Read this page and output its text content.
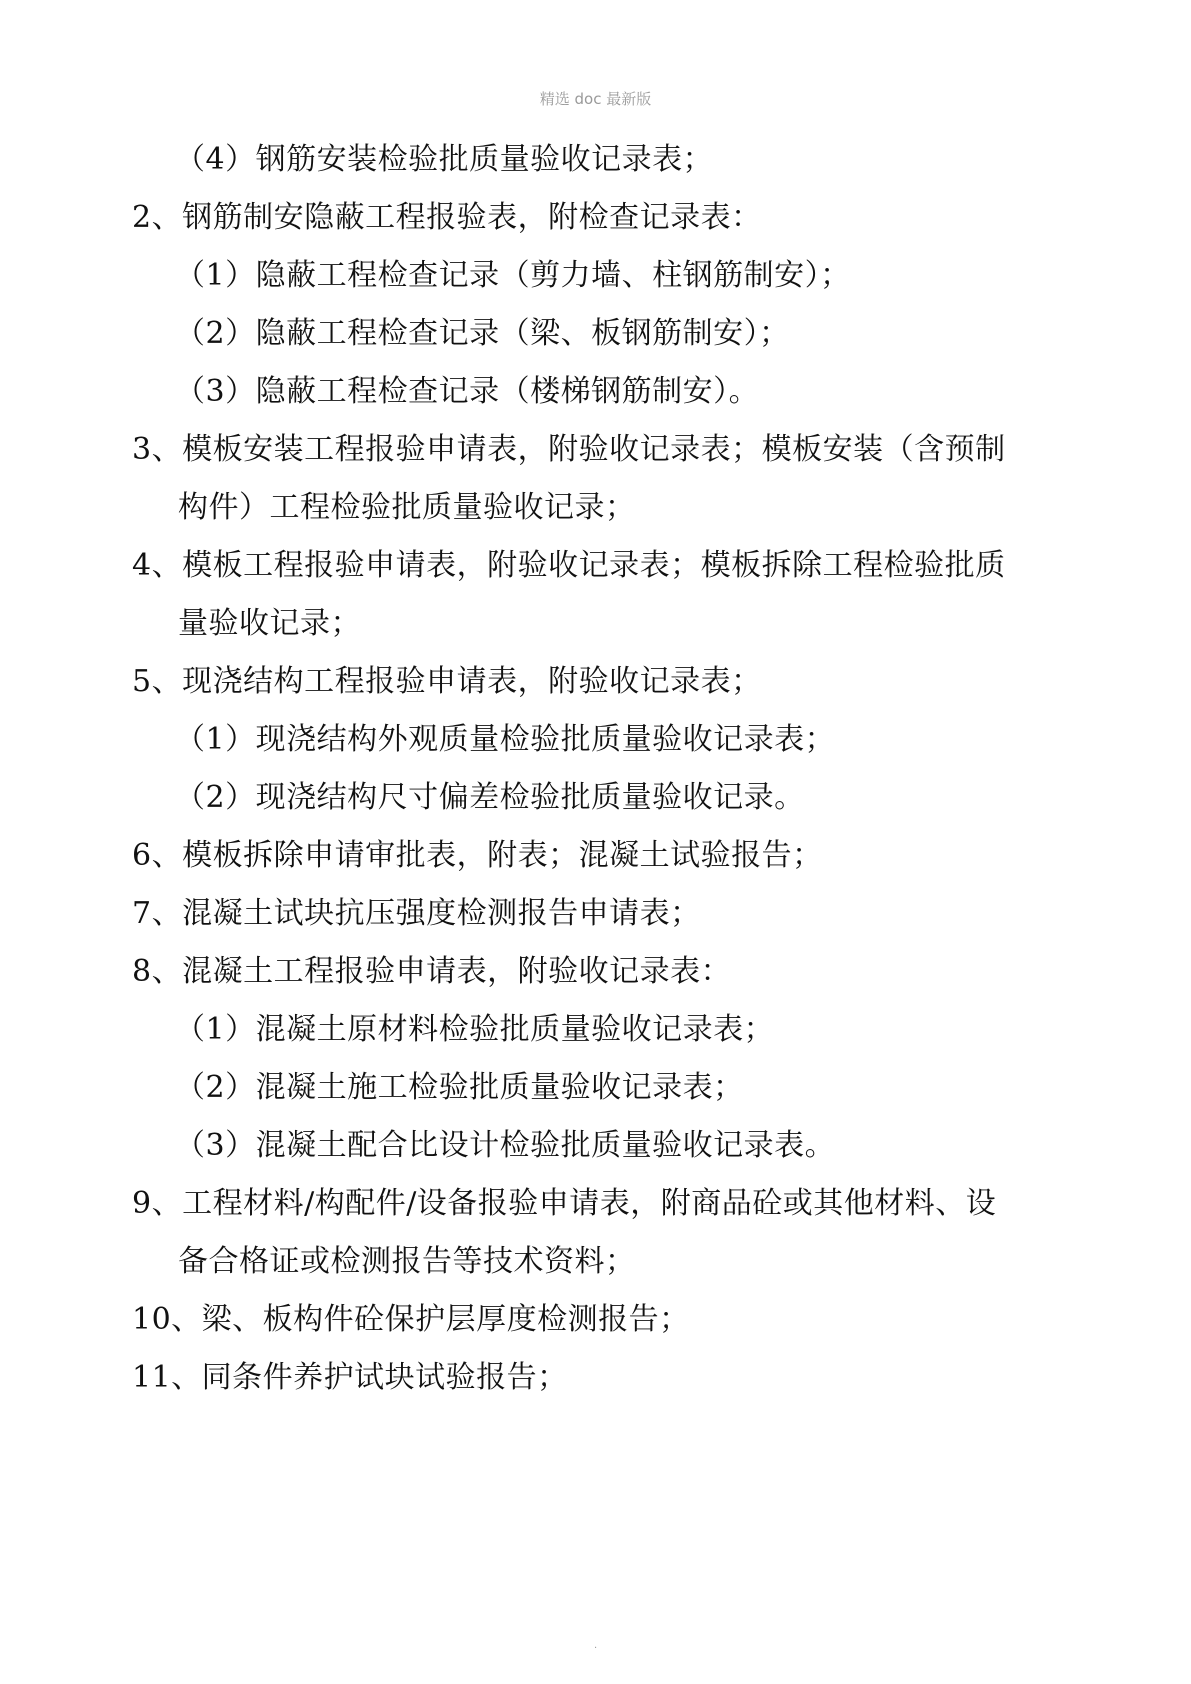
精选 doc 最新版
（4）钢筋安装检验批质量验收记录表；
2、钢筋制安隐蔽工程报验表，附检查记录表：
（1）隐蔽工程检查记录（剪力墙、柱钢筋制安）；
（2）隐蔽工程检查记录（梁、板钢筋制安）；
（3）隐蔽工程检查记录（楼梯钢筋制安）。
3、模板安装工程报验申请表，附验收记录表；模板安装（含预制
构件）工程检验批质量验收记录；
4、模板工程报验申请表，附验收记录表；模板拆除工程检验批质
量验收记录；
5、现浇结构工程报验申请表，附验收记录表；
（1）现浇结构外观质量检验批质量验收记录表；
（2）现浇结构尺寸偏差检验批质量验收记录。
6、模板拆除申请审批表，附表；混凝土试验报告；
7、混凝土试块抗压强度检测报告申请表；
8、混凝土工程报验申请表，附验收记录表：
（1）混凝土原材料检验批质量验收记录表；
（2）混凝土施工检验批质量验收记录表；
（3）混凝土配合比设计检验批质量验收记录表。
9、工程材料/构配件/设备报验申请表，附商品砼或其他材料、设
备合格证或检测报告等技术资料；
10、梁、板构件砼保护层厚度检测报告；
11、同条件养护试块试验报告；
.
